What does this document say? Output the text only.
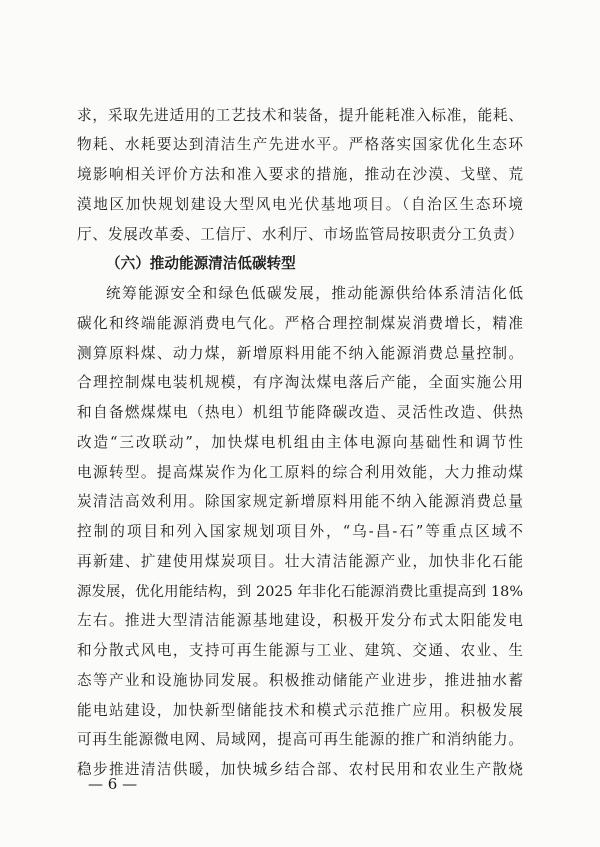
求，采取先进适用的工艺技术和装备，提升能耗准入标准，能耗、
物耗、水耗要达到清洁生产先进水平。严格落实国家优化生态环
境影响相关评价方法和准入要求的措施，推动在沙漠、戈壁、荒
漠地区加快规划建设大型风电光伏基地项目。（自治区生态环境
厅、发展改革委、工信厅、水利厅、市场监管局按职责分工负责）
（六）推动能源清洁低碳转型
统筹能源安全和绿色低碳发展，推动能源供给体系清洁化低
碳化和终端能源消费电气化。严格合理控制煤炭消费增长，精准
测算原料煤、动力煤，新增原料用能不纳入能源消费总量控制。
合理控制煤电装机规模，有序淘汰煤电落后产能，全面实施公用
和自备燃煤煤电（热电）机组节能降碳改造、灵活性改造、供热
改造“三改联动”，加快煤电机组由主体电源向基础性和调节性
电源转型。提高煤炭作为化工原料的综合利用效能，大力推动煤
炭清洁高效利用。除国家规定新增原料用能不纳入能源消费总量
控制的项目和列入国家规划项目外，“乌-昌-石”等重点区域不
再新建、扩建使用煤炭项目。壮大清洁能源产业，加快非化石能
源发展，优化用能结构，到 2025 年非化石能源消费比重提高到 18%
左右。推进大型清洁能源基地建设，积极开发分布式太阳能发电
和分散式风电，支持可再生能源与工业、建筑、交通、农业、生
态等产业和设施协同发展。积极推动储能产业进步，推进抽水蓄
能电站建设，加快新型储能技术和模式示范推广应用。积极发展
可再生能源微电网、局域网，提高可再生能源的推广和消纳能力。
稳步推进清洁供暖，加快城乡结合部、农村民用和农业生产散烧
— 6 —
